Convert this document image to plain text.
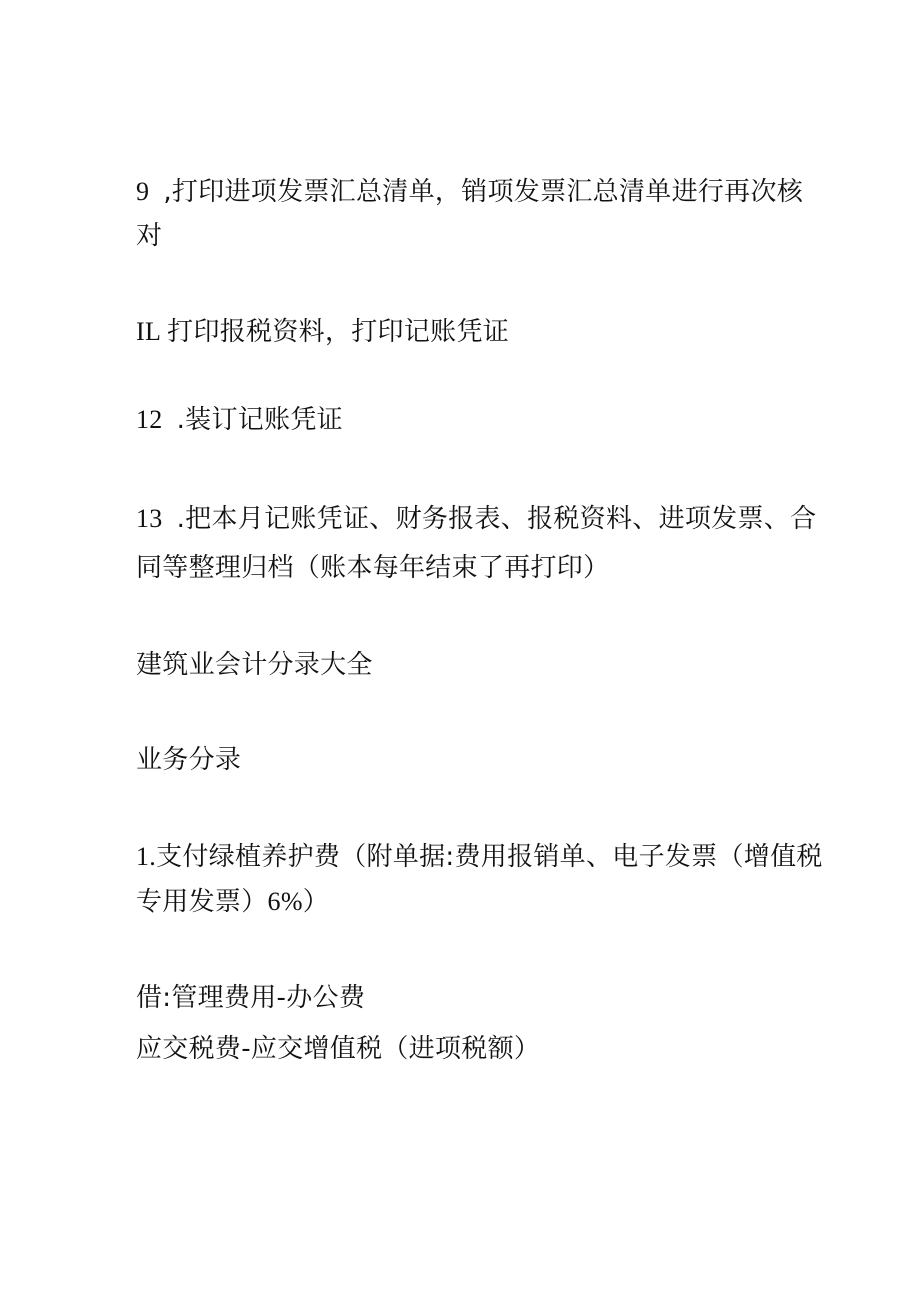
9 ,打印进项发票汇总清单，销项发票汇总清单进行再次核
对
IL 打印报税资料，打印记账凭证
12 .装订记账凭证
13 .把本月记账凭证、财务报表、报税资料、进项发票、合
同等整理归档（账本每年结束了再打印）
建筑业会计分录大全
业务分录
1.支付绿植养护费（附单据:费用报销单、电子发票（增值税
专用发票）6%）
借:管理费用-办公费
应交税费-应交增值税（进项税额）
